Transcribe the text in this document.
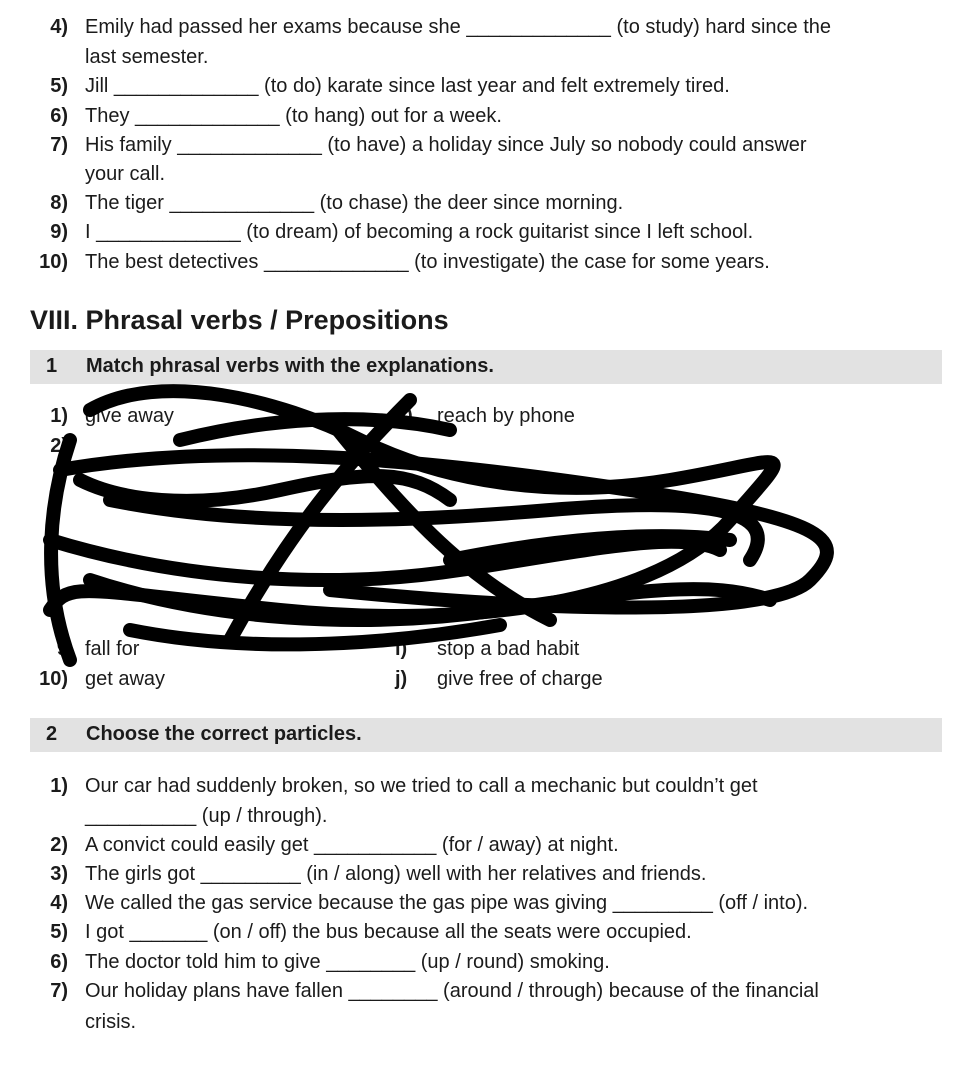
4) Emily had passed her exams because she _____________ (to study) hard since the
last semester.
5) Jill _____________ (to do) karate since last year and felt extremely tired.
6) They _____________ (to hang) out for a week.
7) His family _____________ (to have) a holiday since July so nobody could answer
your call.
8) The tiger _____________ (to chase) the deer since morning.
9) I _____________ (to dream) of becoming a rock guitarist since I left school.
10) The best detectives _____________ (to investigate) the case for some years.
VIII. Phrasal verbs / Prepositions
1 Match phrasal verbs with the explanations.
1) give away	a) reach by phone
2)
9 fall for	i) stop a bad habit
10) get away	j) give free of charge
2 Choose the correct particles.
1) Our car had suddenly broken, so we tried to call a mechanic but couldn’t get
__________ (up / through).
2) A convict could easily get ___________ (for / away) at night.
3) The girls got _________ (in / along) well with her relatives and friends.
4) We called the gas service because the gas pipe was giving _________ (off / into).
5) I got _______ (on / off) the bus because all the seats were occupied.
6) The doctor told him to give ________ (up / round) smoking.
7) Our holiday plans have fallen ________ (around / through) because of the financial
crisis.
